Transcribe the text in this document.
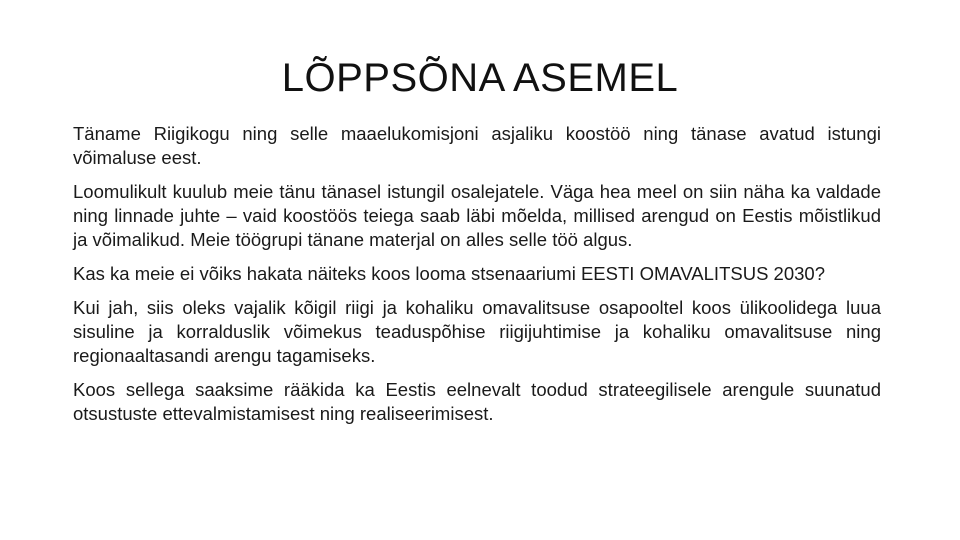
LÕPPSÕNA ASEMEL

Täname Riigikogu ning selle maaelukomisjoni asjaliku koostöö ning tänase avatud istungi võimaluse eest.

Loomulikult kuulub meie tänu tänasel istungil osalejatele. Väga hea meel on siin näha ka valdade ning linnade juhte – vaid koostöös teiega saab läbi mõelda, millised arengud on Eestis mõistlikud ja võimalikud. Meie töögrupi tänane materjal on alles selle töö algus.

Kas ka meie ei võiks hakata näiteks koos looma stsenaariumi EESTI OMAVALITSUS 2030?

Kui jah, siis oleks vajalik kõigil riigi ja kohaliku omavalitsuse osapooltel koos ülikoolidega luua sisuline ja korralduslik võimekus teaduspõhise riigijuhtimise ja kohaliku omavalitsuse ning regionaaltasandi arengu tagamiseks.

Koos sellega saaksime rääkida ka Eestis eelnevalt toodud strateegilisele arengule suunatud otsustuste ettevalmistamisest ning realiseerimisest.
